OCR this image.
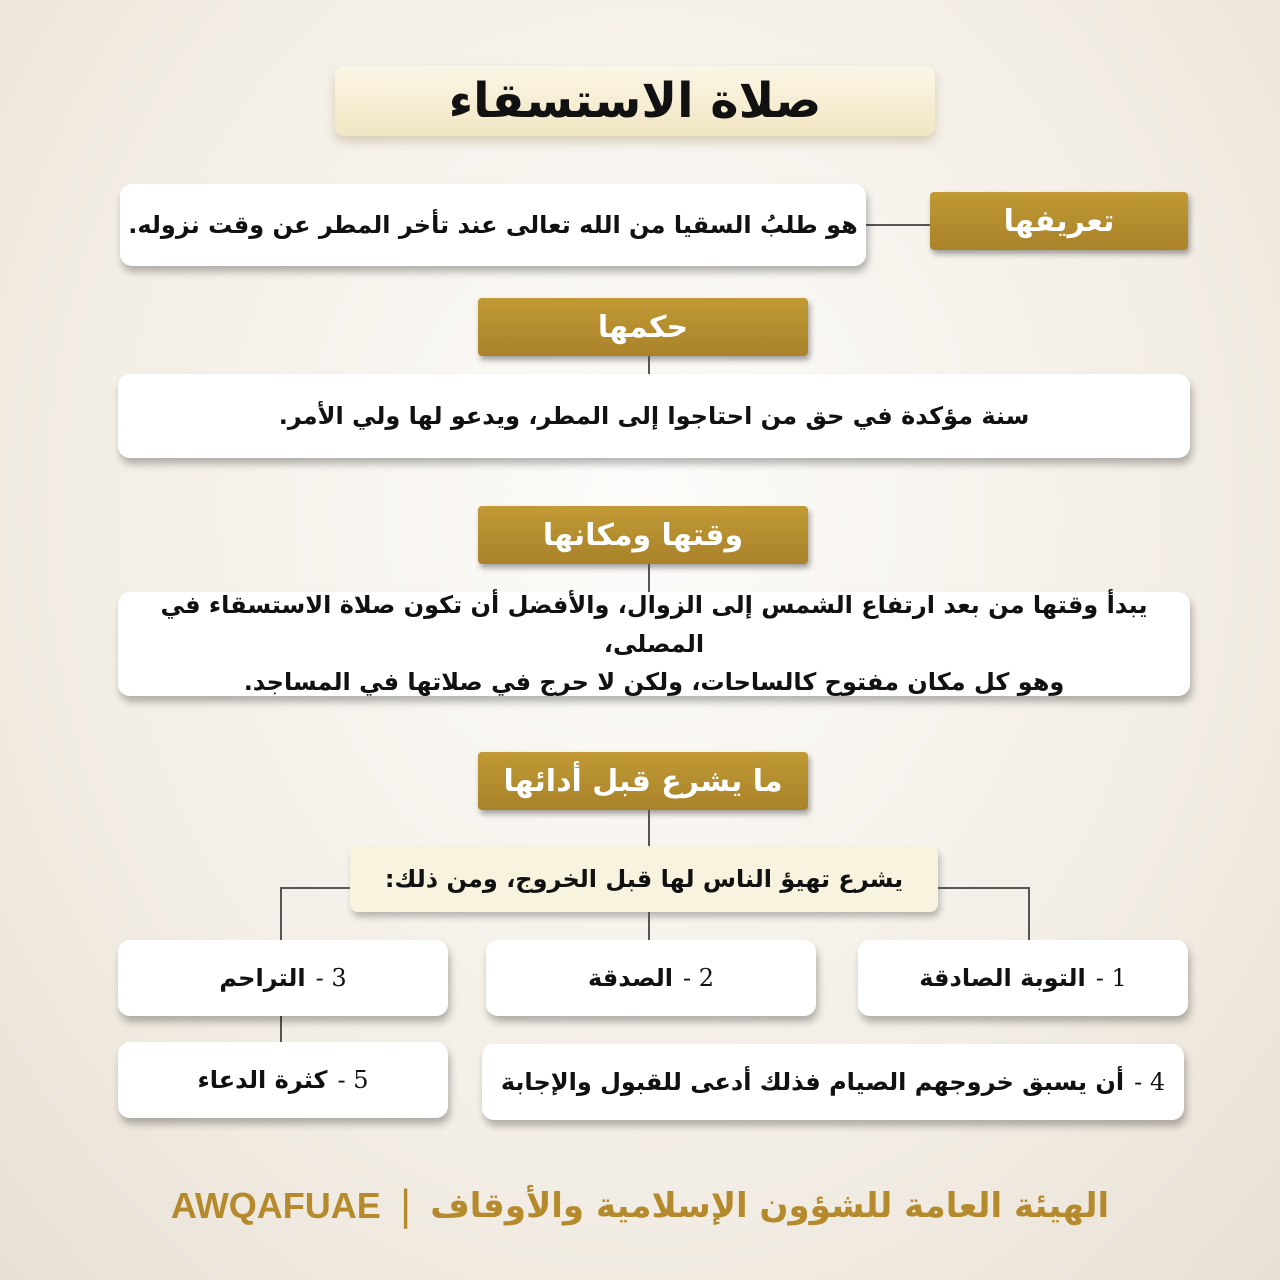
صلاة الاستسقاء
تعريفها
هو طلبُ السقيا من الله تعالى عند تأخر المطر عن وقت نزوله.
حكمها
سنة مؤكدة في حق من احتاجوا إلى المطر، ويدعو لها ولي الأمر.
وقتها ومكانها
يبدأ وقتها من بعد ارتفاع الشمس إلى الزوال، والأفضل أن تكون صلاة الاستسقاء في المصلى،
وهو كل مكان مفتوح كالساحات، ولكن لا حرج في صلاتها في المساجد.
ما يشرع قبل أدائها
يشرع تهيؤ الناس لها قبل الخروج، ومن ذلك:
1 -
التوبة الصادقة
2 -
الصدقة
3 -
التراحم
4 -
أن يسبق خروجهم الصيام فذلك أدعى للقبول والإجابة
5 -
كثرة الدعاء
الهيئة العامة للشؤون الإسلامية والأوقاف
|
AWQAFUAE
